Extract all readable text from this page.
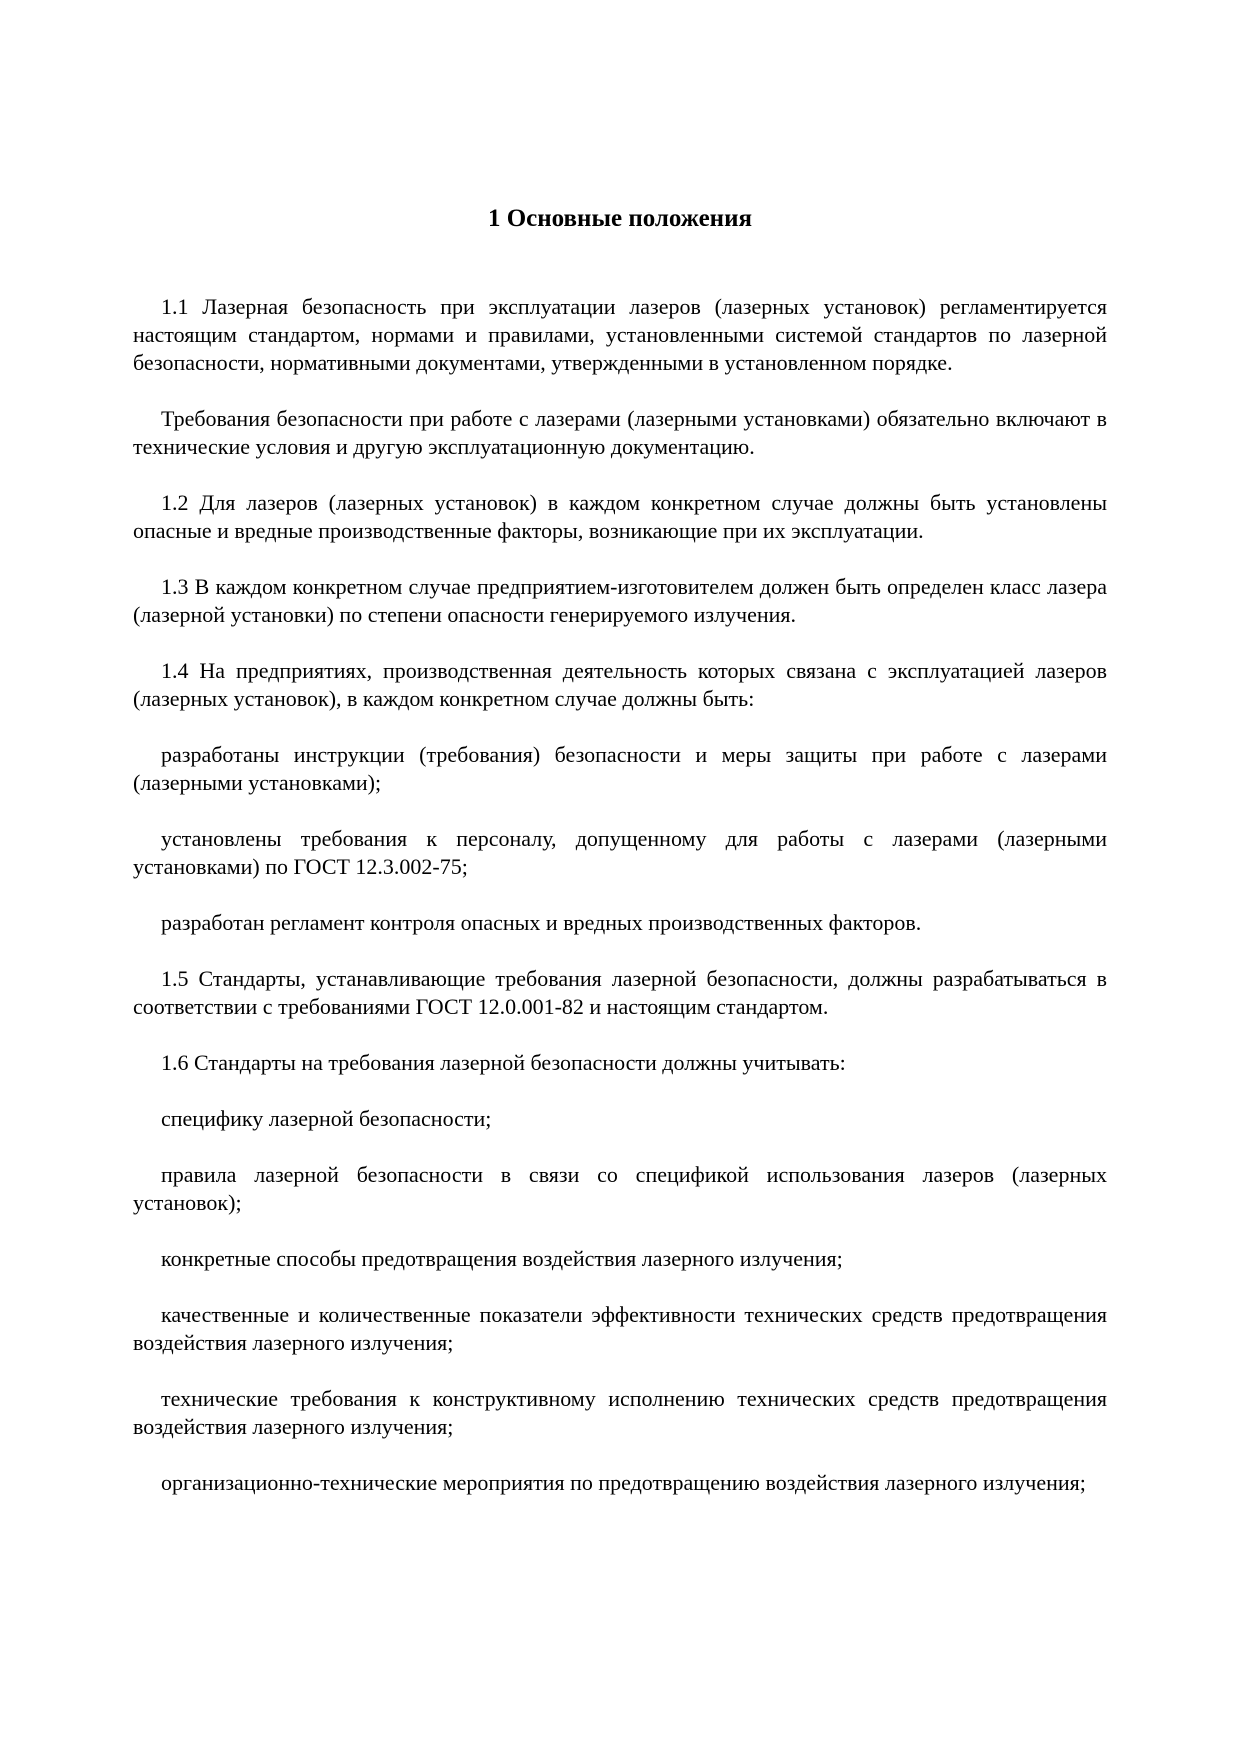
1 Основные положения

1.1 Лазерная безопасность при эксплуатации лазеров (лазерных установок) регламентируется настоящим стандартом, нормами и правилами, установленными системой стандартов по лазерной безопасности, нормативными документами, утвержденными в установленном порядке.

Требования безопасности при работе с лазерами (лазерными установками) обязательно включают в технические условия и другую эксплуатационную документацию.

1.2 Для лазеров (лазерных установок) в каждом конкретном случае должны быть установлены опасные и вредные производственные факторы, возникающие при их эксплуатации.

1.3 В каждом конкретном случае предприятием-изготовителем должен быть определен класс лазера (лазерной установки) по степени опасности генерируемого излучения.

1.4 На предприятиях, производственная деятельность которых связана с эксплуатацией лазеров (лазерных установок), в каждом конкретном случае должны быть:

разработаны инструкции (требования) безопасности и меры защиты при работе с лазерами (лазерными установками);

установлены требования к персоналу, допущенному для работы с лазерами (лазерными установками) по ГОСТ 12.3.002-75;

разработан регламент контроля опасных и вредных производственных факторов.

1.5 Стандарты, устанавливающие требования лазерной безопасности, должны разрабатываться в соответствии с требованиями ГОСТ 12.0.001-82 и настоящим стандартом.

1.6 Стандарты на требования лазерной безопасности должны учитывать:

специфику лазерной безопасности;

правила лазерной безопасности в связи со спецификой использования лазеров (лазерных установок);

конкретные способы предотвращения воздействия лазерного излучения;

качественные и количественные показатели эффективности технических средств предотвращения воздействия лазерного излучения;

технические требования к конструктивному исполнению технических средств предотвращения воздействия лазерного излучения;

организационно-технические мероприятия по предотвращению воздействия лазерного излучения;
